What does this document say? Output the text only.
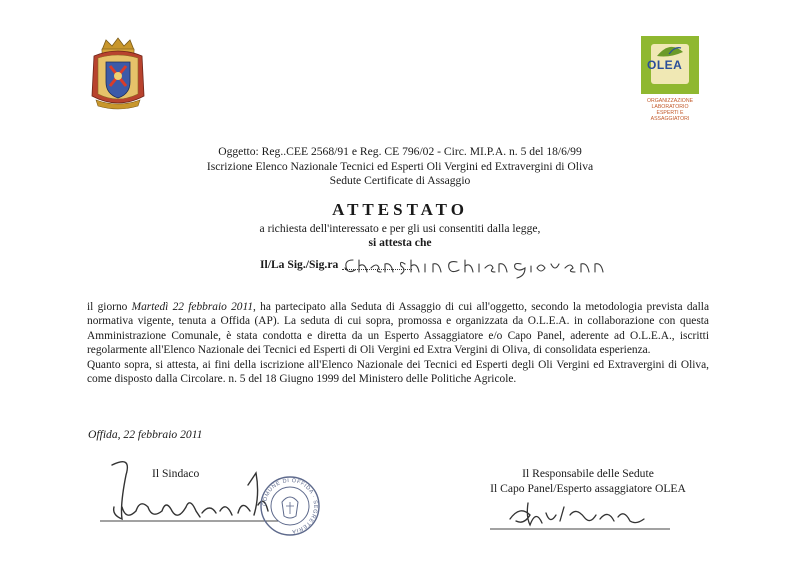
OLEA
ORGANIZZAZIONE
LABORATORIO
ESPERTI E
ASSAGGIATORI
Oggetto: Reg..CEE 2568/91 e Reg. CE 796/02 - Circ. MI.P.A. n. 5 del 18/6/99
Iscrizione Elenco Nazionale Tecnici ed Esperti Oli Vergini ed Extravergini di Oliva
Sedute Certificate di Assaggio
ATTESTATO
a richiesta dell'interessato e per gli usi consentiti dalla legge,
si attesta che
Il/La Sig./Sig.ra

il giorno Martedì 22 febbraio 2011, ha partecipato alla Seduta di Assaggio di cui all'oggetto, secondo la metodologia prevista dalla normativa vigente, tenuta a Offida (AP). La seduta di cui sopra, promossa e organizzata da O.L.E.A. in collaborazione con questa Amministrazione Comunale, è stata condotta e diretta da un Esperto Assaggiatore e/o Capo Panel, aderente ad O.L.E.A., iscritti regolarmente all'Elenco Nazionale dei Tecnici ed Esperti di Oli Vergini ed Extra Vergini di Oliva, di consolidata esperienza.

Quanto sopra, si attesta, ai fini della iscrizione all'Elenco Nazionale dei Tecnici ed Esperti degli Oli Vergini ed Extravergini di Oliva, come disposto dalla Circolare. n. 5 del 18 Giugno 1999 del Ministero delle Politiche Agricole.

Offida, 22 febbraio 2011
Il Sindaco
COMUNE DI OFFIDA · SEGRETERIA
Il Responsabile delle Sedute
Il Capo Panel/Esperto assaggiatore OLEA
